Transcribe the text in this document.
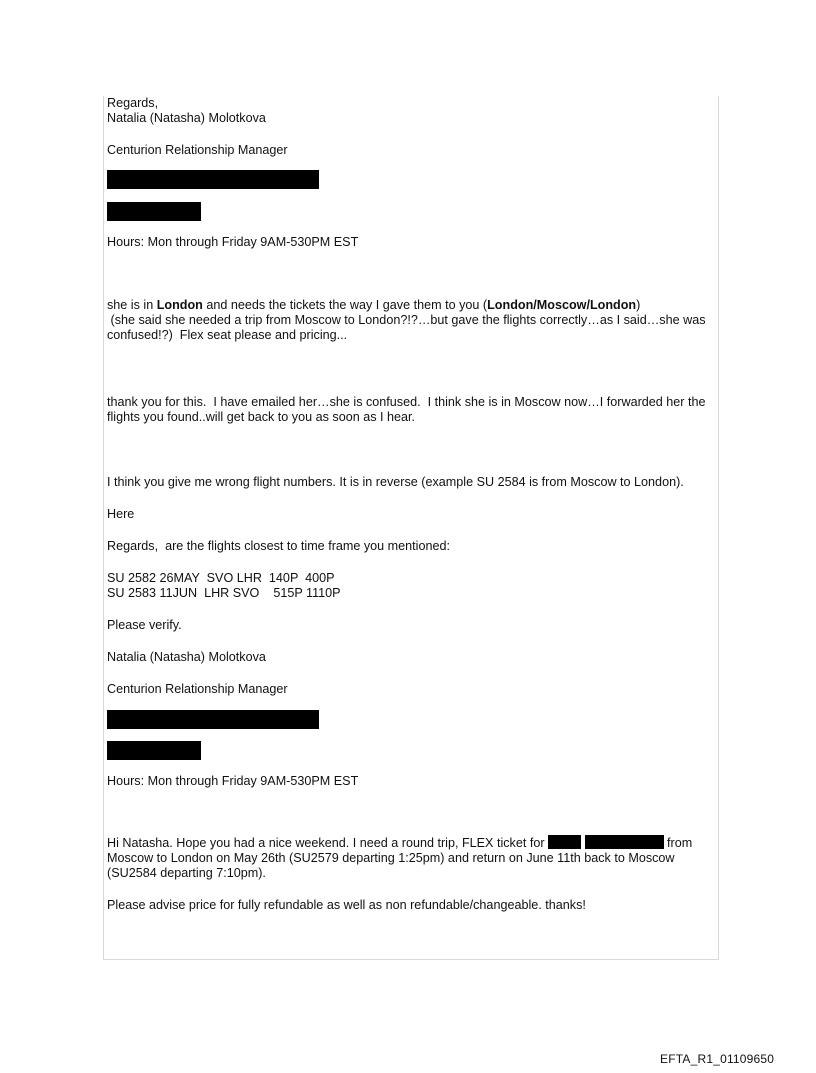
Regards,

Natalia (Natasha) Molotkova

Centurion Relationship Manager

Hours: Mon through Friday 9AM-530PM EST

she is in London and needs the tickets the way I gave them to you (London/Moscow/London)
(she said she needed a trip from Moscow to London?!?…but gave the flights correctly…as I said…she was confused!?)  Flex seat please and pricing...

thank you for this.  I have emailed her…she is confused.  I think she is in Moscow now…I forwarded her the flights you found..will get back to you as soon as I hear.

I think you give me wrong flight numbers. It is in reverse (example SU 2584 is from Moscow to London).

Here

Regards,  are the flights closest to time frame you mentioned:

SU 2582 26MAY  SVO LHR  140P  400P

SU 2583 11JUN  LHR SVO    515P 1110P

Please verify.

Natalia (Natasha) Molotkova

Centurion Relationship Manager

Hours: Mon through Friday 9AM-530PM EST

Hi Natasha. Hope you had a nice weekend. I need a round trip, FLEX ticket for	from Moscow to London on May 26th (SU2579 departing 1:25pm) and return on June 11th back to Moscow (SU2584 departing 7:10pm).

Please advise price for fully refundable as well as non refundable/changeable. thanks!

EFTA_R1_01109650
